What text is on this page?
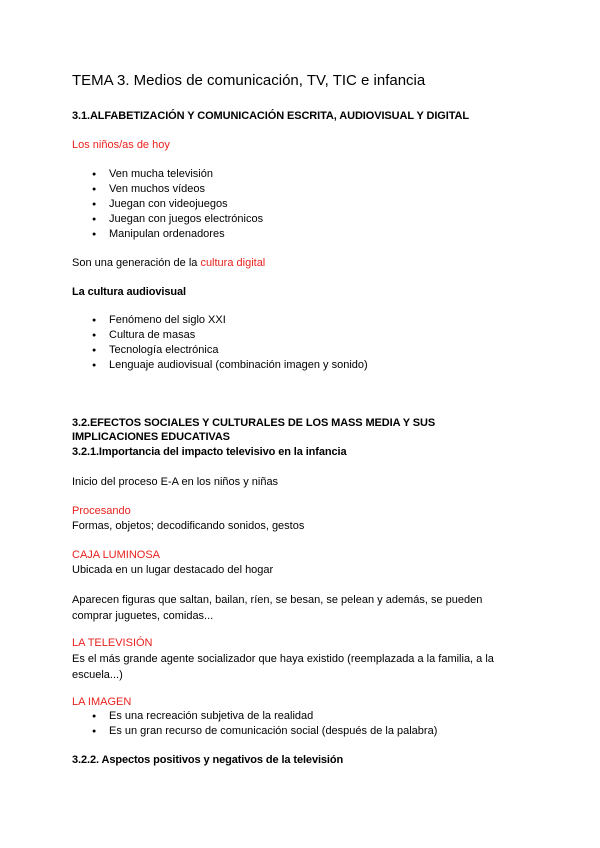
TEMA 3. Medios de comunicación, TV, TIC e infancia
3.1.ALFABETIZACIÓN Y COMUNICACIÓN ESCRITA, AUDIOVISUAL Y DIGITAL
Los niños/as de hoy
● Ven mucha televisión
● Ven muchos vídeos
● Juegan con videojuegos
● Juegan con juegos electrónicos
● Manipulan ordenadores
Son una generación de la cultura digital
La cultura audiovisual
● Fenómeno del siglo XXI
● Cultura de masas
● Tecnología electrónica
● Lenguaje audiovisual (combinación imagen y sonido)
3.2.EFECTOS SOCIALES Y CULTURALES DE LOS MASS MEDIA Y SUS
IMPLICACIONES EDUCATIVAS
3.2.1.Importancia del impacto televisivo en la infancia
Inicio del proceso E-A en los niños y niñas
Procesando
Formas, objetos; decodificando sonidos, gestos
CAJA LUMINOSA
Ubicada en un lugar destacado del hogar
Aparecen figuras que saltan, bailan, ríen, se besan, se pelean y además, se pueden comprar juguetes, comidas...
LA TELEVISIÓN
Es el más grande agente socializador que haya existido (reemplazada a la familia, a la escuela...)
LA IMAGEN
● Es una recreación subjetiva de la realidad
● Es un gran recurso de comunicación social (después de la palabra)
3.2.2. Aspectos positivos y negativos de la televisión
